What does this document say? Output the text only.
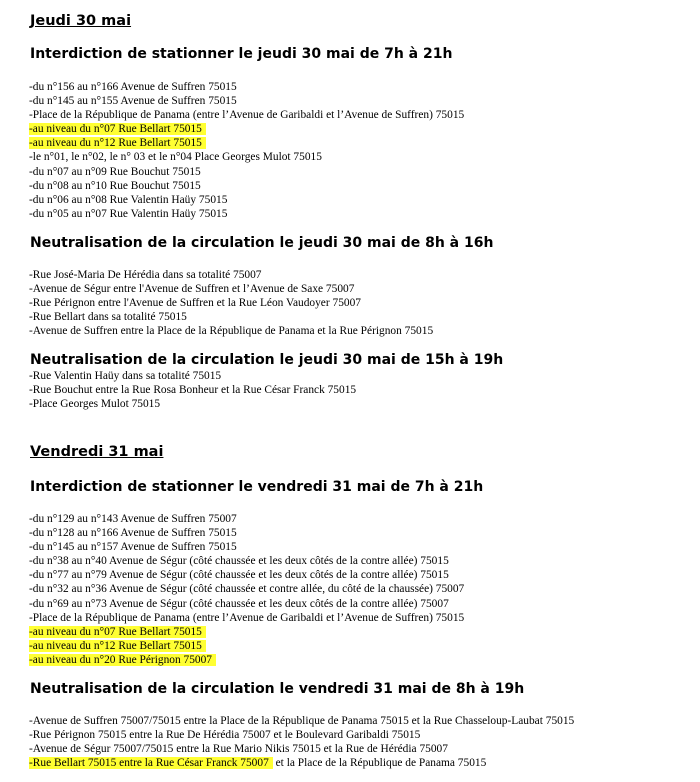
Jeudi 30 mai
Interdiction de stationner le jeudi 30 mai de 7h à 21h
-du n°156 au n°166 Avenue de Suffren 75015
-du n°145 au n°155 Avenue de Suffren 75015
-Place de la République de Panama (entre l’Avenue de Garibaldi et l’Avenue de Suffren) 75015
-au niveau du n°07 Rue Bellart 75015
-au niveau du n°12 Rue Bellart 75015
-le n°01, le n°02, le n° 03 et le n°04 Place Georges Mulot 75015
-du n°07 au n°09 Rue Bouchut 75015
-du n°08 au n°10 Rue Bouchut 75015
-du n°06 au n°08 Rue Valentin Haüy 75015
-du n°05 au n°07 Rue Valentin Haüy 75015
Neutralisation de la circulation le jeudi 30 mai de 8h à 16h
-Rue José-Maria De Hérédia dans sa totalité 75007
-Avenue de Ségur entre l'Avenue de Suffren et l’Avenue de Saxe 75007
-Rue Pérignon entre l'Avenue de Suffren et la Rue Léon Vaudoyer 75007
-Rue Bellart dans sa totalité 75015
-Avenue de Suffren entre la Place de la République de Panama et la Rue Pérignon 75015
Neutralisation de la circulation le jeudi 30 mai de 15h à 19h
-Rue Valentin Haüy dans sa totalité 75015
-Rue Bouchut entre la Rue Rosa Bonheur et la Rue César Franck 75015
-Place Georges Mulot 75015
Vendredi 31 mai
Interdiction de stationner le vendredi 31 mai de 7h à 21h
-du n°129 au n°143 Avenue de Suffren 75007
-du n°128 au n°166 Avenue de Suffren 75015
-du n°145 au n°157 Avenue de Suffren 75015
-du n°38 au n°40 Avenue de Ségur (côté chaussée et les deux côtés de la contre allée) 75015
-du n°77 au n°79 Avenue de Ségur (côté chaussée et les deux côtés de la contre allée) 75015
-du n°32 au n°36 Avenue de Ségur (côté chaussée et contre allée, du côté de la chaussée) 75007
-du n°69 au n°73 Avenue de Ségur (côté chaussée et les deux côtés de la contre allée) 75007
-Place de la République de Panama (entre l’Avenue de Garibaldi et l’Avenue de Suffren) 75015
-au niveau du n°07 Rue Bellart 75015
-au niveau du n°12 Rue Bellart 75015
-au niveau du n°20 Rue Pérignon 75007
Neutralisation de la circulation le vendredi 31 mai de 8h à 19h
-Avenue de Suffren 75007/75015 entre la Place de la République de Panama 75015 et la Rue Chasseloup-Laubat 75015
-Rue Pérignon 75015 entre la Rue De Hérédia 75007 et le Boulevard Garibaldi 75015
-Avenue de Ségur 75007/75015 entre la Rue Mario Nikis 75015 et la Rue de Hérédia 75007
-Rue Bellart 75015 entre la Rue César Franck 75007 et la Place de la République de Panama 75015
